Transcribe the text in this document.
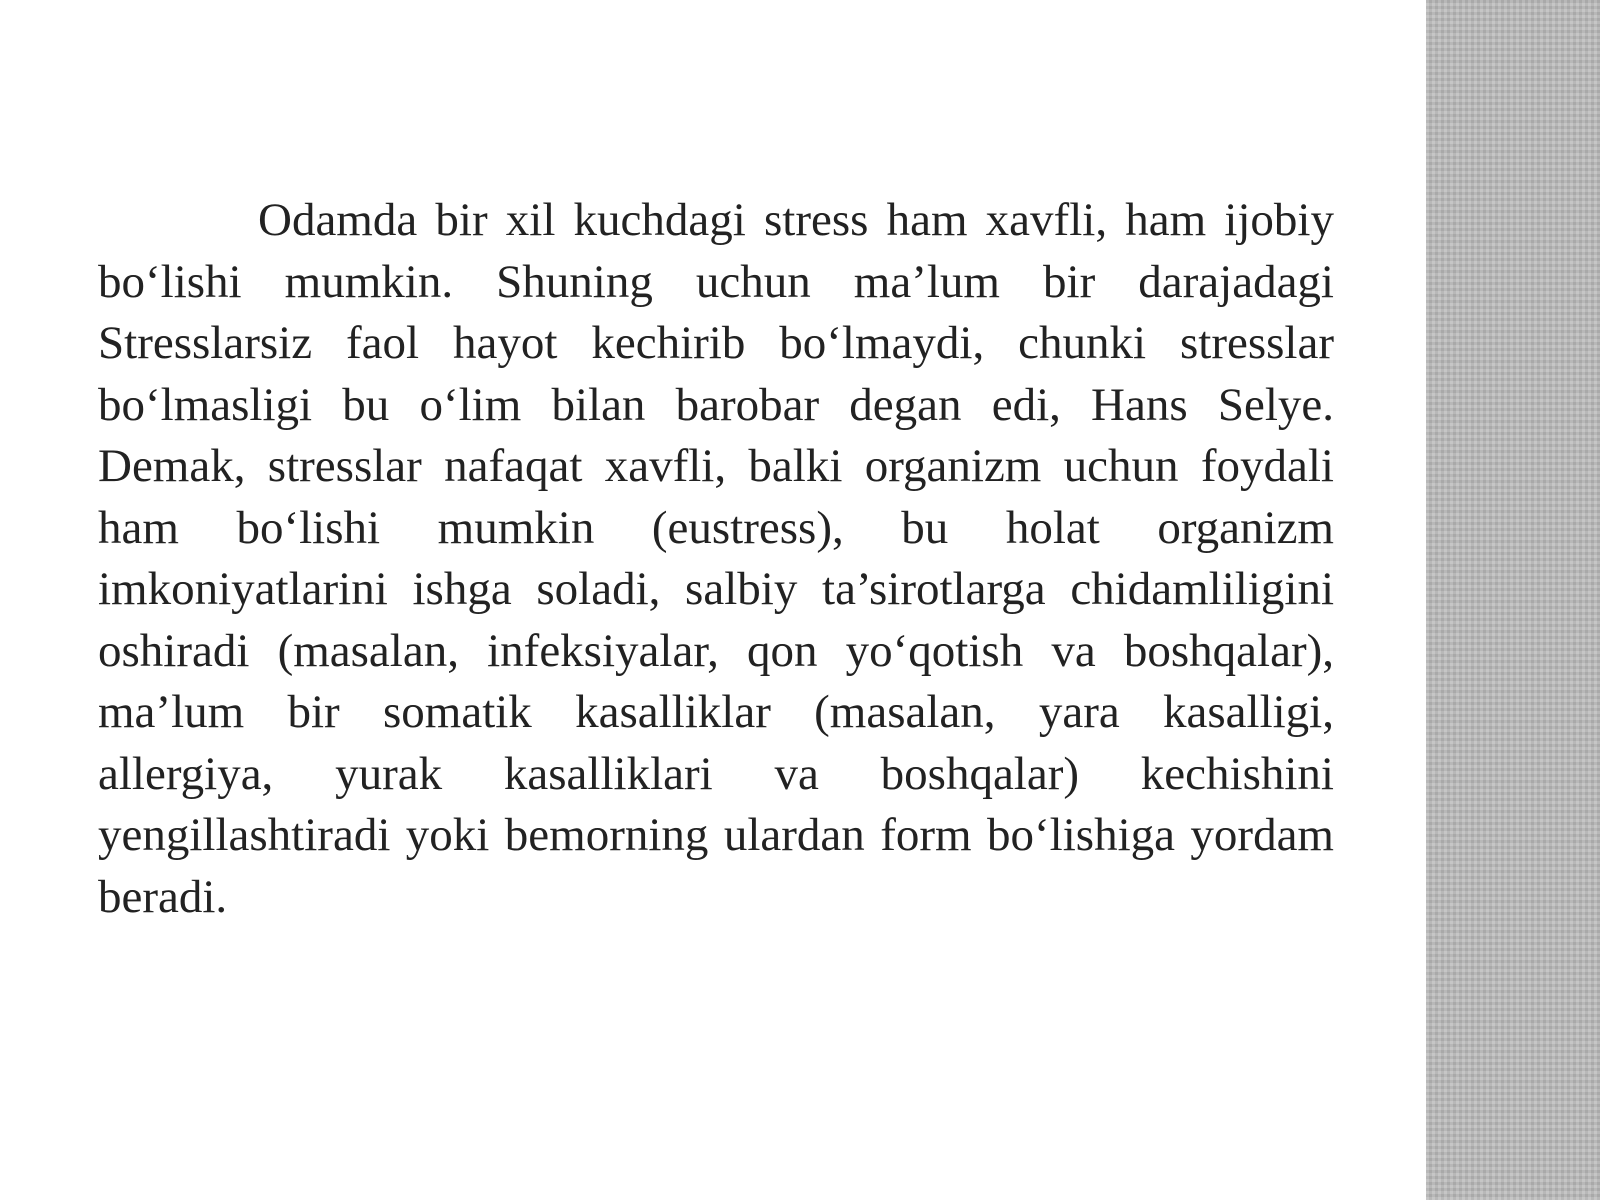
Odamda bir xil kuchdagi stress ham xavfli, ham ijobiy bo‘lishi mumkin. Shuning uchun ma’lum bir darajadagi Stresslarsiz faol hayot kechirib bo‘lmaydi, chunki stresslar bo‘lmasligi bu o‘lim bilan barobar degan edi, Hans Selye. Demak, stresslar nafaqat xavfli, balki organizm uchun foydali ham bo‘lishi mumkin (eustress), bu holat organizm imkoniyatlarini ishga soladi, salbiy ta’sirotlarga chidamliligini oshiradi (masalan, infeksiyalar, qon yo‘qotish va boshqalar), ma’lum bir somatik kasalliklar (masalan, yara kasalligi, allergiya, yurak kasalliklari va boshqalar) kechishini yengillashtiradi yoki bemorning ulardan form bo‘lishiga yordam beradi.
